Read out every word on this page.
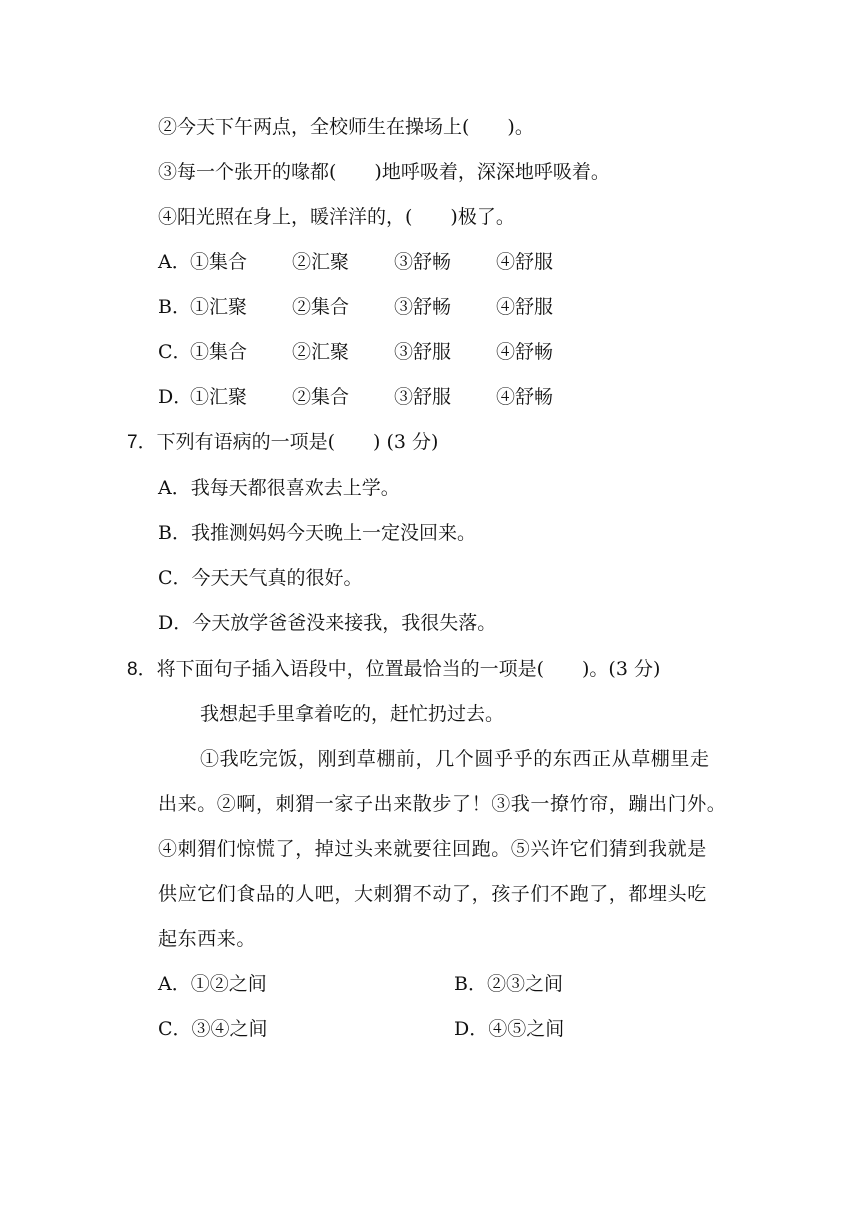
②今天下午两点，全校师生在操场上(　　)。
③每一个张开的喙都(　　)地呼吸着，深深地呼吸着。
④阳光照在身上，暖洋洋的，(　　)极了。
A． ①集合 ②汇聚 ③舒畅 ④舒服
B． ①汇聚 ②集合 ③舒畅 ④舒服
C．
①集合 ②汇聚 ③舒服 ④舒畅
D．
①汇聚 ②集合 ③舒服 ④舒畅
7．下列有语病的一项是(　　) (3 分)
A．我每天都很喜欢去上学。
B．我推测妈妈今天晚上一定没回来。
C．今天天气真的很好。
D．今天放学爸爸没来接我，我很失落。
8．将下面句子插入语段中，位置最恰当的一项是(　　)。(3 分)
我想起手里拿着吃的，赶忙扔过去。
①我吃完饭，刚到草棚前，几个圆乎乎的东西正从草棚里走
出来。②啊，刺猬一家子出来散步了！③我一撩竹帘，蹦出门外。
④刺猬们惊慌了，掉过头来就要往回跑。⑤兴许它们猜到我就是
供应它们食品的人吧，大刺猬不动了，孩子们不跑了，都埋头吃
起东西来。
A．①②之间	B．②③之间
C．③④之间	D．④⑤之间
